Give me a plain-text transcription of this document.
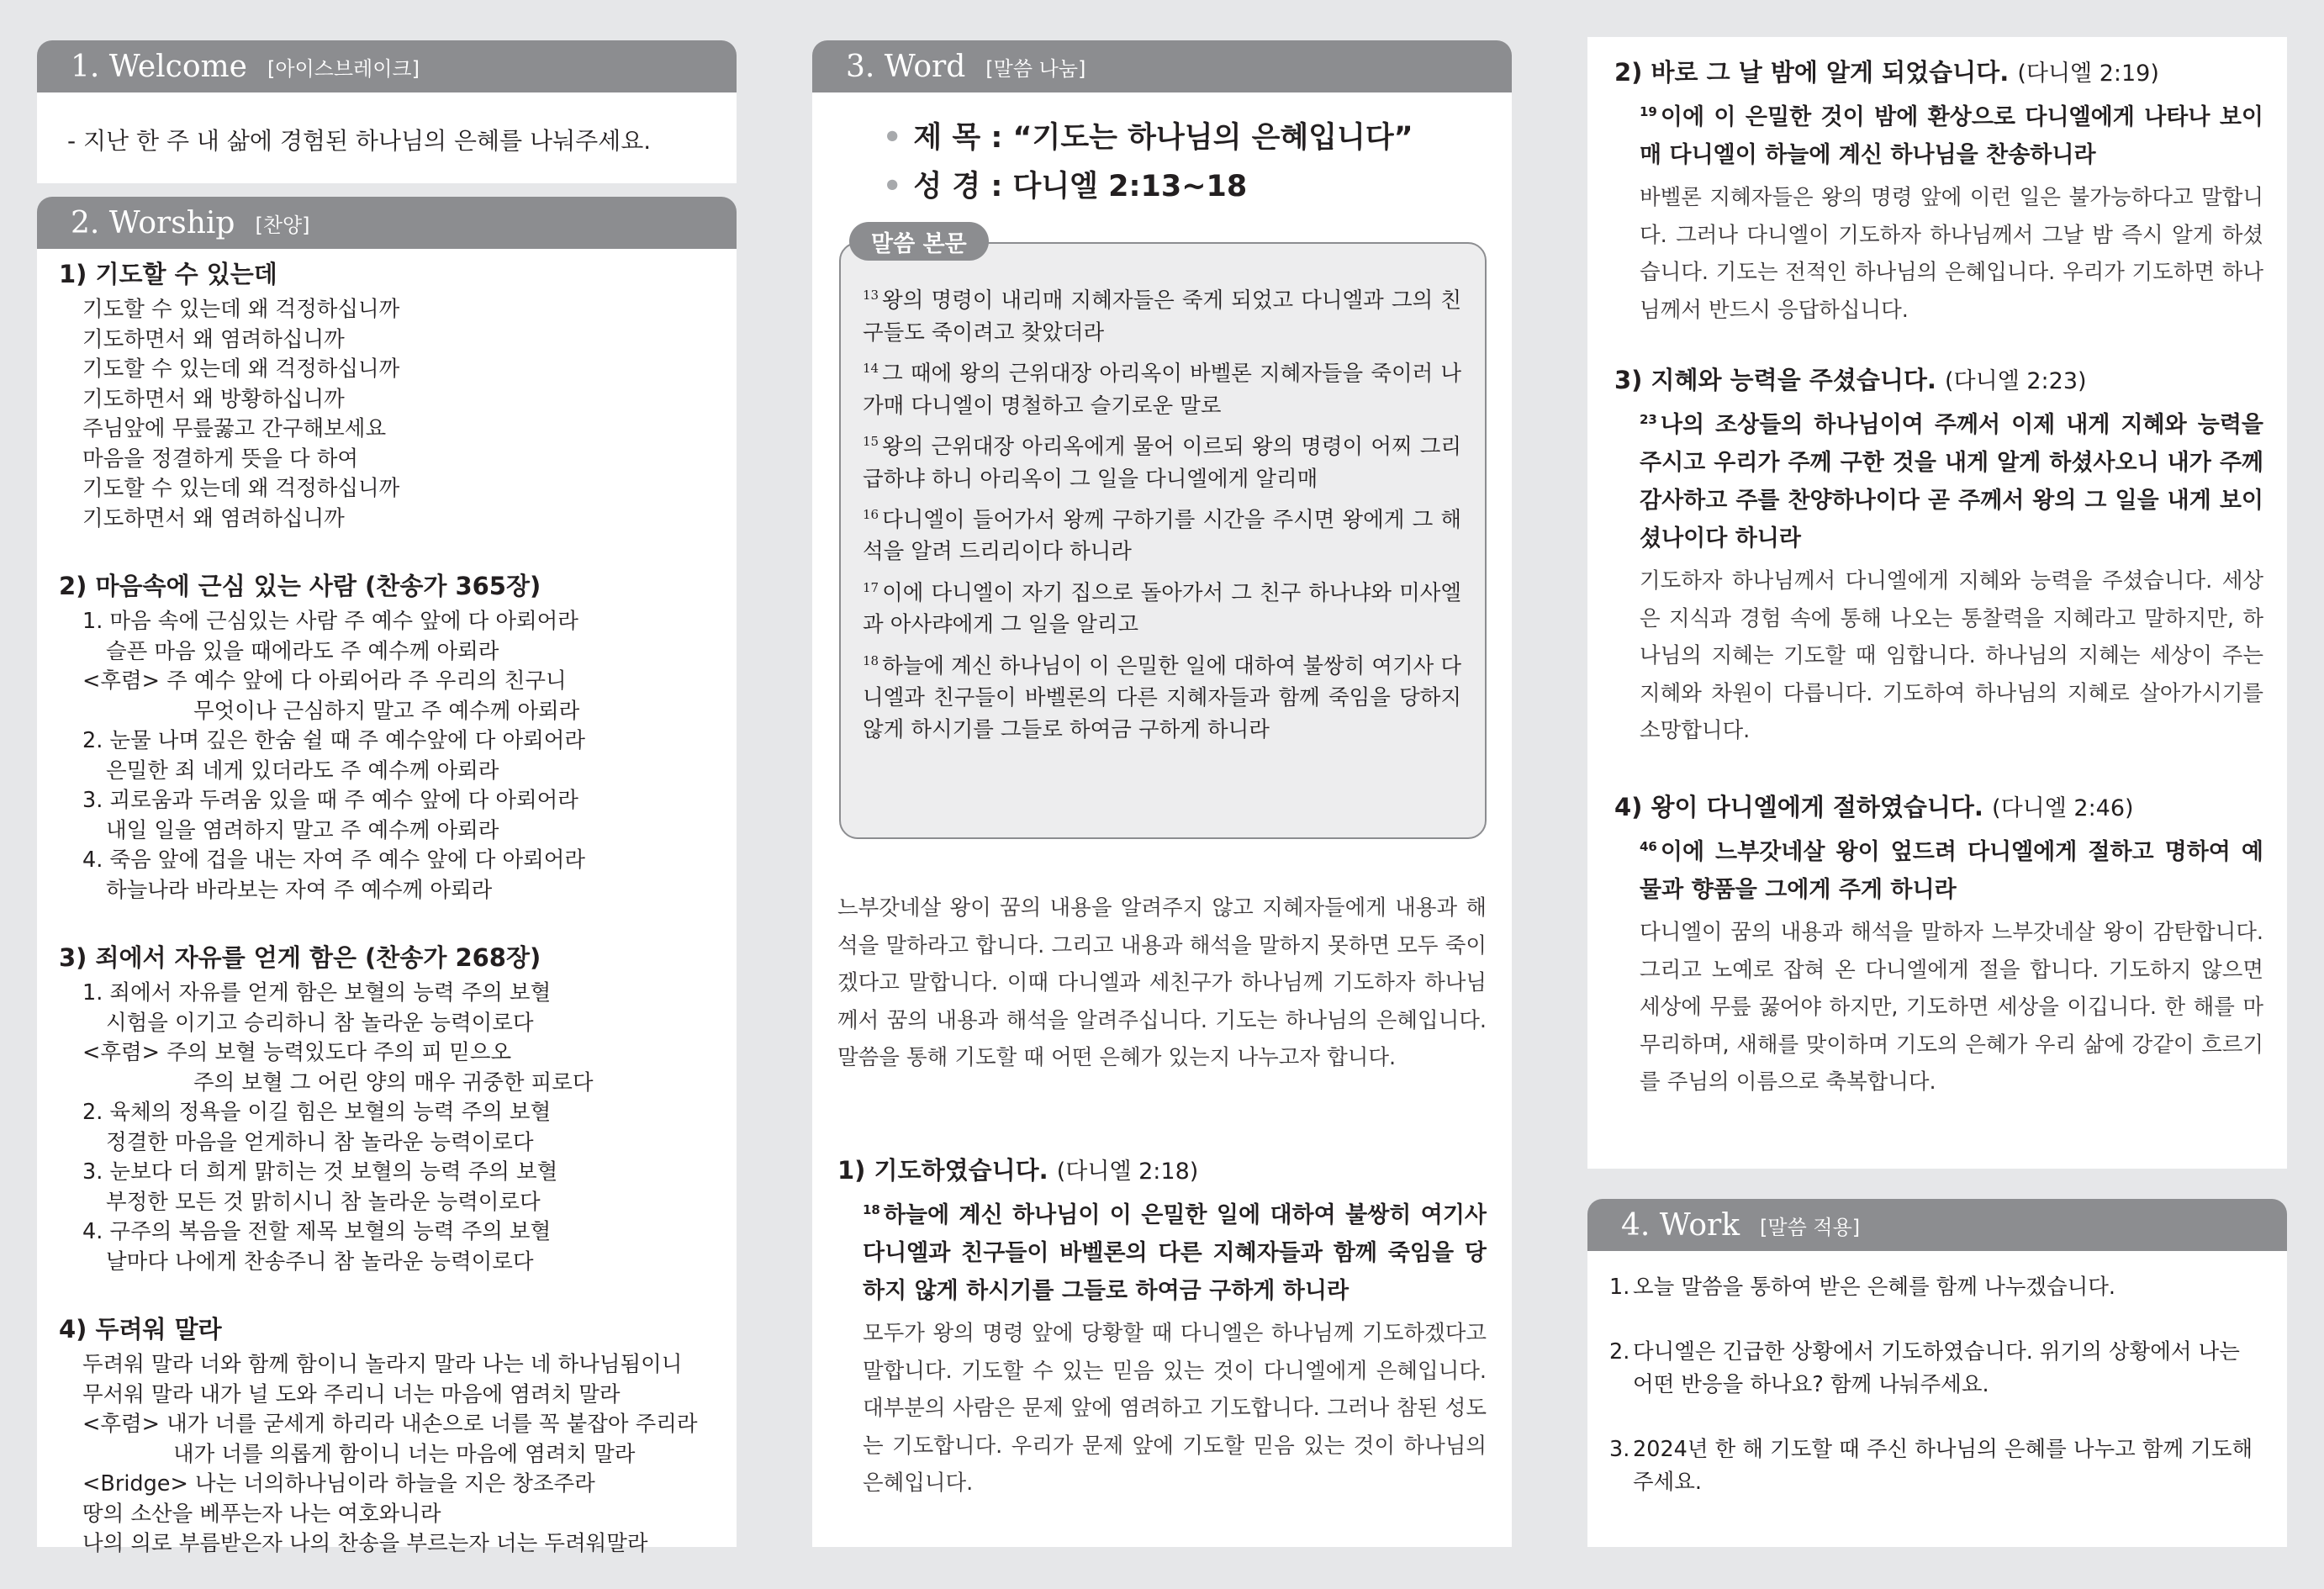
1. Welcome [아이스브레이크]
- 지난 한 주 내 삶에 경험된 하나님의 은혜를 나눠주세요.
2. Worship [찬양]
1) 기도할 수 있는데
기도할 수 있는데 왜 걱정하십니까
기도하면서 왜 염려하십니까
기도할 수 있는데 왜 걱정하십니까
기도하면서 왜 방황하십니까
주님앞에 무릎꿇고 간구해보세요
마음을 정결하게 뜻을 다 하여
기도할 수 있는데 왜 걱정하십니까
기도하면서 왜 염려하십니까
2) 마음속에 근심 있는 사람 (찬송가 365장)
1. 마음 속에 근심있는 사람 주 예수 앞에 다 아뢰어라
슬픈 마음 있을 때에라도 주 예수께 아뢰라
<후렴> 주 예수 앞에 다 아뢰어라 주 우리의 친구니
무엇이나 근심하지 말고 주 예수께 아뢰라
2. 눈물 나며 깊은 한숨 쉴 때 주 예수앞에 다 아뢰어라
은밀한 죄 네게 있더라도 주 예수께 아뢰라
3. 괴로움과 두려움 있을 때 주 예수 앞에 다 아뢰어라
내일 일을 염려하지 말고 주 예수께 아뢰라
4. 죽음 앞에 겁을 내는 자여 주 예수 앞에 다 아뢰어라
하늘나라 바라보는 자여 주 예수께 아뢰라
3) 죄에서 자유를 얻게 함은 (찬송가 268장)
1. 죄에서 자유를 얻게 함은 보혈의 능력 주의 보혈
시험을 이기고 승리하니 참 놀라운 능력이로다
<후렴> 주의 보혈 능력있도다 주의 피 믿으오
주의 보혈 그 어린 양의 매우 귀중한 피로다
2. 육체의 정욕을 이길 힘은 보혈의 능력 주의 보혈
정결한 마음을 얻게하니 참 놀라운 능력이로다
3. 눈보다 더 희게 맑히는 것 보혈의 능력 주의 보혈
부정한 모든 것 맑히시니 참 놀라운 능력이로다
4. 구주의 복음을 전할 제목 보혈의 능력 주의 보혈
날마다 나에게 찬송주니 참 놀라운 능력이로다
4) 두려워 말라
두려워 말라 너와 함께 함이니 놀라지 말라 나는 네 하나님됨이니
무서워 말라 내가 널 도와 주리니 너는 마음에 염려치 말라
<후렴> 내가 너를 굳세게 하리라 내손으로 너를 꼭 붙잡아 주리라
내가 너를 의롭게 함이니 너는 마음에 염려치 말라
<Bridge> 나는 너의하나님이라 하늘을 지은 창조주라
땅의 소산을 베푸는자 나는 여호와니라
나의 의로 부름받은자 나의 찬송을 부르는자 너는 두려워말라
3. Word [말씀 나눔]
• 제 목 : “기도는 하나님의 은혜입니다”
• 성 경 : 다니엘 2:13~18
$^{13}$ 왕의 명령이 내리매 지혜자들은 죽게 되었고 다니엘과 그의 친구들도 죽이려고 찾았더라
$^{14}$ 그 때에 왕의 근위대장 아리옥이 바벨론 지혜자들을 죽이러 나가매 다니엘이 명철하고 슬기로운 말로
$^{15}$ 왕의 근위대장 아리옥에게 물어 이르되 왕의 명령이 어찌 그리 급하냐 하니 아리옥이 그 일을 다니엘에게 알리매
$^{16}$ 다니엘이 들어가서 왕께 구하기를 시간을 주시면 왕에게 그 해석을 알려 드리리이다 하니라
$^{17}$ 이에 다니엘이 자기 집으로 돌아가서 그 친구 하나냐와 미사엘과 아사랴에게 그 일을 알리고
$^{18}$ 하늘에 계신 하나님이 이 은밀한 일에 대하여 불쌍히 여기사 다니엘과 친구들이 바벨론의 다른 지혜자들과 함께 죽임을 당하지 않게 하시기를 그들로 하여금 구하게 하니라
말씀 본문
느부갓네살 왕이 꿈의 내용을 알려주지 않고 지혜자들에게 내용과 해석을 말하라고 합니다. 그리고 내용과 해석을 말하지 못하면 모두 죽이겠다고 말합니다. 이때 다니엘과 세친구가 하나님께 기도하자 하나님께서 꿈의 내용과 해석을 알려주십니다. 기도는 하나님의 은혜입니다. 말씀을 통해 기도할 때 어떤 은혜가 있는지 나누고자 합니다.
1) 기도하였습니다. (다니엘 2:18)
$^{18}$ 하늘에 계신 하나님이 이 은밀한 일에 대하여 불쌍히 여기사 다니엘과 친구들이 바벨론의 다른 지혜자들과 함께 죽임을 당하지 않게 하시기를 그들로 하여금 구하게 하니라
모두가 왕의 명령 앞에 당황할 때 다니엘은 하나님께 기도하겠다고 말합니다. 기도할 수 있는 믿음 있는 것이 다니엘에게 은혜입니다. 대부분의 사람은 문제 앞에 염려하고 기도합니다. 그러나 참된 성도는 기도합니다. 우리가 문제 앞에 기도할 믿음 있는 것이 하나님의 은혜입니다.
2) 바로 그 날 밤에 알게 되었습니다. (다니엘 2:19)
$^{19}$ 이에 이 은밀한 것이 밤에 환상으로 다니엘에게 나타나 보이매 다니엘이 하늘에 계신 하나님을 찬송하니라
바벨론 지혜자들은 왕의 명령 앞에 이런 일은 불가능하다고 말합니다. 그러나 다니엘이 기도하자 하나님께서 그날 밤 즉시 알게 하셨습니다. 기도는 전적인 하나님의 은혜입니다. 우리가 기도하면 하나님께서 반드시 응답하십니다.
3) 지혜와 능력을 주셨습니다. (다니엘 2:23)
$^{23}$ 나의 조상들의 하나님이여 주께서 이제 내게 지혜와 능력을 주시고 우리가 주께 구한 것을 내게 알게 하셨사오니 내가 주께 감사하고 주를 찬양하나이다 곧 주께서 왕의 그 일을 내게 보이셨나이다 하니라
기도하자 하나님께서 다니엘에게 지혜와 능력을 주셨습니다. 세상은 지식과 경험 속에 통해 나오는 통찰력을 지혜라고 말하지만, 하나님의 지혜는 기도할 때 임합니다. 하나님의 지혜는 세상이 주는 지혜와 차원이 다릅니다. 기도하여 하나님의 지혜로 살아가시기를 소망합니다.
4) 왕이 다니엘에게 절하였습니다. (다니엘 2:46)
$^{46}$ 이에 느부갓네살 왕이 엎드려 다니엘에게 절하고 명하여 예물과 향품을 그에게 주게 하니라
다니엘이 꿈의 내용과 해석을 말하자 느부갓네살 왕이 감탄합니다. 그리고 노예로 잡혀 온 다니엘에게 절을 합니다. 기도하지 않으면 세상에 무릎 꿇어야 하지만, 기도하면 세상을 이깁니다. 한 해를 마무리하며, 새해를 맞이하며 기도의 은혜가 우리 삶에 강같이 흐르기를 주님의 이름으로 축복합니다.
4. Work [말씀 적용]
1. 오늘 말씀을 통하여 받은 은혜를 함께 나누겠습니다.
2. 다니엘은 긴급한 상황에서 기도하였습니다. 위기의 상황에서 나는 어떤 반응을 하나요? 함께 나눠주세요.
3. 2024년 한 해 기도할 때 주신 하나님의 은혜를 나누고 함께 기도해주세요.
